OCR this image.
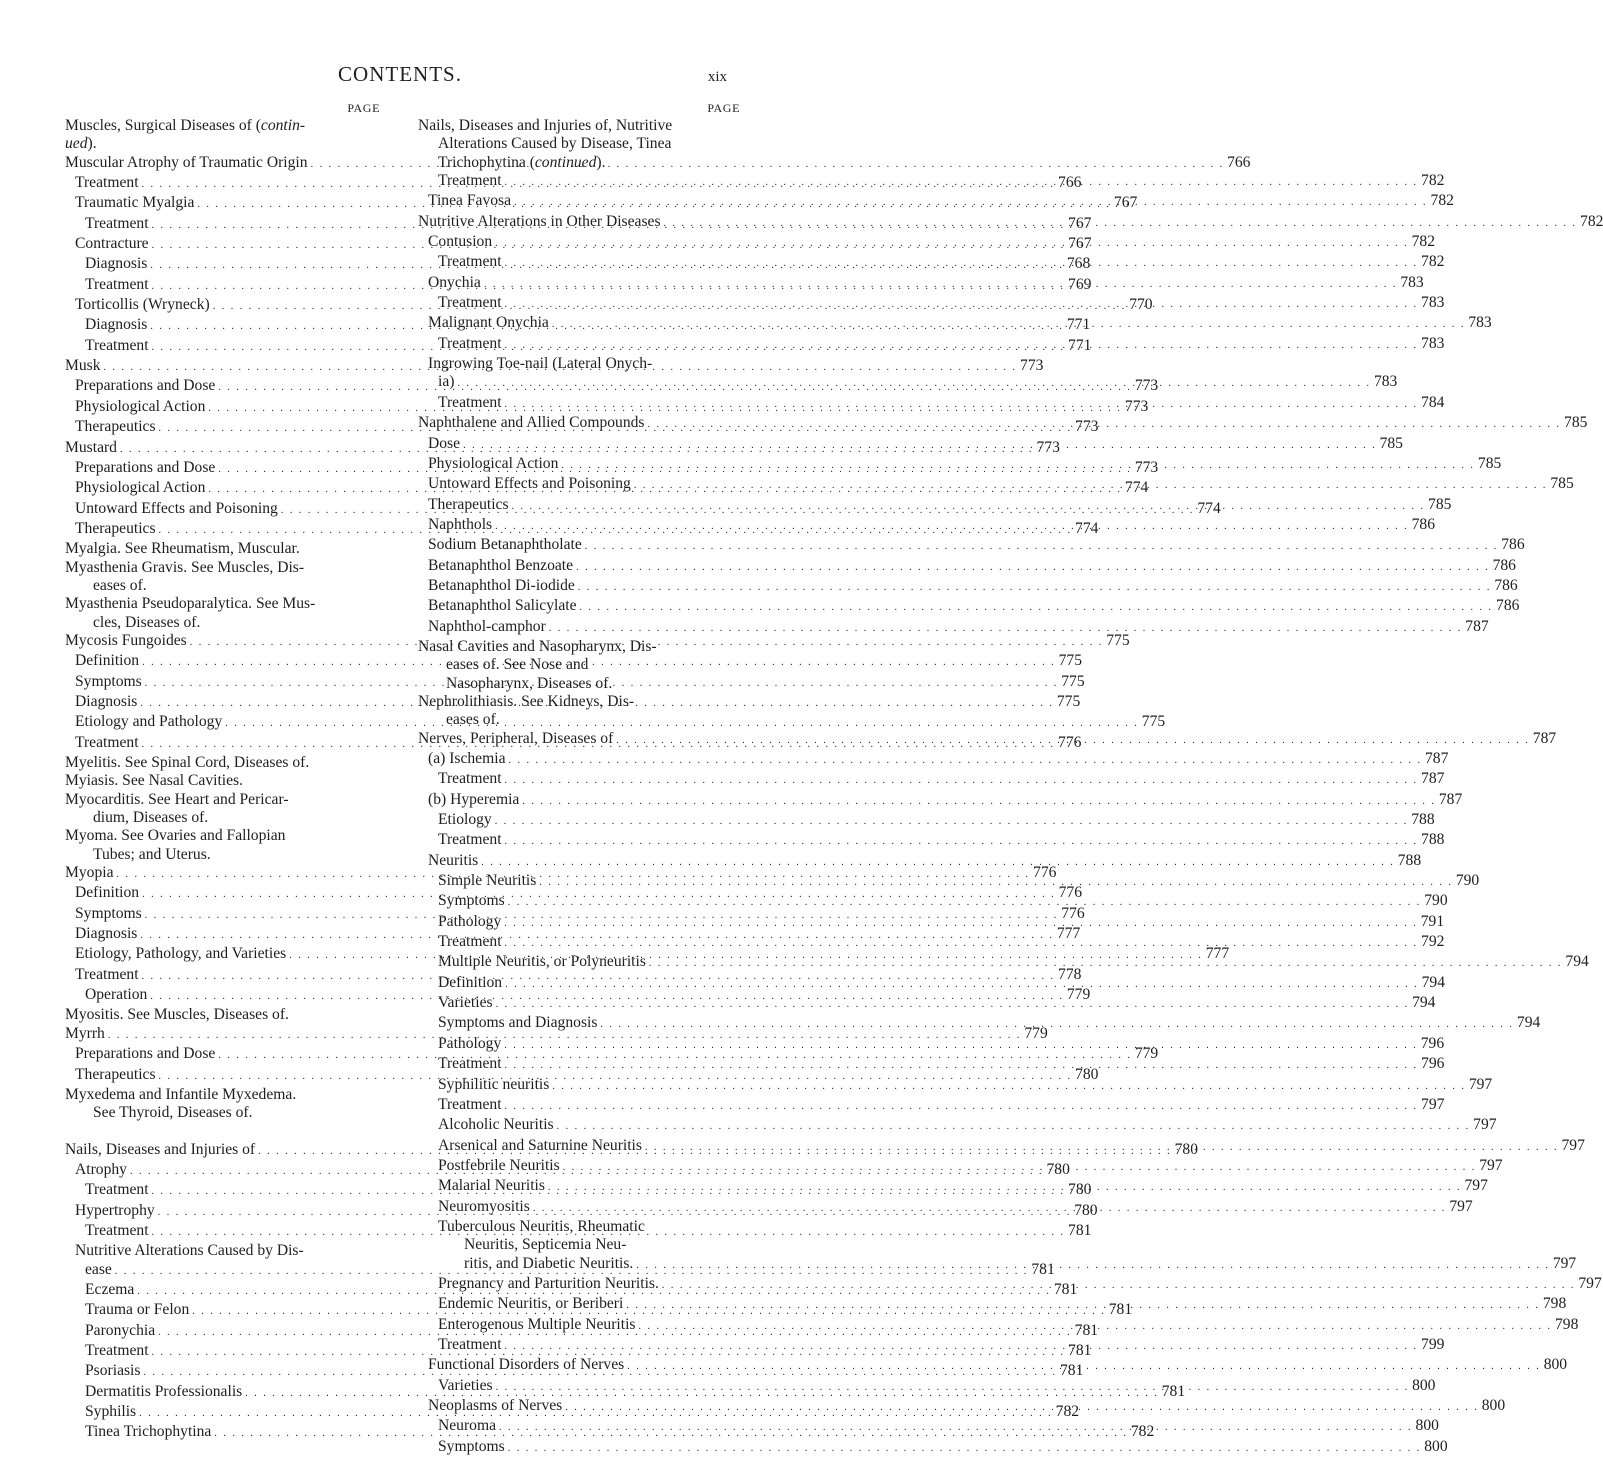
CONTENTS.	xix
PAGE
Muscles, Surgical Diseases of (contin-
ued).
Muscular Atrophy of Traumatic Origin . . .	766
Treatment . . .	766
Traumatic Myalgia . . .	767
Treatment . . .	767
Contracture . . .	767
Diagnosis . . .	768
Treatment . . .	769
Torticollis (Wryneck) . . .	770
Diagnosis . . .	771
Treatment . . .	771
Musk . . .	773
Preparations and Dose . . .	773
Physiological Action . . .	773
Therapeutics . . .	773
Mustard . . .	773
Preparations and Dose . . .	773
Physiological Action . . .	774
Untoward Effects and Poisoning . . .	774
Therapeutics . . .	774
Myalgia. See Rheumatism, Muscular.
Myasthenia Gravis. See Muscles, Dis-
eases of.
Myasthenia Pseudoparalytica. See Mus-
cles, Diseases of.
Mycosis Fungoides . . .	775
Definition . . .	775
Symptoms . . .	775
Diagnosis . . .	775
Etiology and Pathology . . .	775
Treatment . . .	776
Myelitis. See Spinal Cord, Diseases of.
Myiasis. See Nasal Cavities.
Myocarditis. See Heart and Pericar-
dium, Diseases of.
Myoma. See Ovaries and Fallopian
Tubes; and Uterus.
Myopia . . .	776
Definition . . .	776
Symptoms . . .	776
Diagnosis . . .	777
Etiology, Pathology, and Varieties . . .	777
Treatment . . .	778
Operation . . .	779
Myositis. See Muscles, Diseases of.
Myrrh . . .	779
Preparations and Dose . . .	779
Therapeutics . . .	780
Myxedema and Infantile Myxedema.
See Thyroid, Diseases of.
Nails, Diseases and Injuries of . . .	780
Atrophy . . .	780
Treatment . . .	780
Hypertrophy . . .	780
Treatment . . .	781
Nutritive Alterations Caused by Dis-
ease . . .	781
Eczema . . .	781
Trauma or Felon . . .	781
Paronychia . . .	781
Treatment . . .	781
Psoriasis . . .	781
Dermatitis Professionalis . . .	781
Syphilis . . .	782
Tinea Trichophytina . . .	782
PAGE
Nails, Diseases and Injuries of, Nutritive
Alterations Caused by Disease, Tinea
Trichophytina (continued).
Treatment . . .	782
Tinea Favosa . . .	782
Nutritive Alterations in Other Diseases . . .	782
Contusion . . .	782
Treatment . . .	782
Onychia . . .	783
Treatment . . .	783
Malignant Onychia . . .	783
Treatment . . .	783
Ingrowing Toe-nail (Lateral Onych-
ia) . . .	783
Treatment . . .	784
Naphthalene and Allied Compounds . . .	785
Dose . . .	785
Physiological Action . . .	785
Untoward Effects and Poisoning . . .	785
Therapeutics . . .	785
Naphthols . . .	786
Sodium Betanaphtholate . . .	786
Betanaphthol Benzoate . . .	786
Betanaphthol Di-iodide . . .	786
Betanaphthol Salicylate . . .	786
Naphthol-camphor . . .	787
Nasal Cavities and Nasopharynx, Dis-
eases of. See Nose and
Nasopharynx, Diseases of.
Nephrolithiasis. See Kidneys, Dis-
eases of.
Nerves, Peripheral, Diseases of . . .	787
(a) Ischemia . . .	787
Treatment . . .	787
(b) Hyperemia . . .	787
Etiology . . .	788
Treatment . . .	788
Neuritis . . .	788
Simple Neuritis . . .	790
Symptoms . . .	790
Pathology . . .	791
Treatment . . .	792
Multiple Neuritis, or Polyneuritis . . .	794
Definition . . .	794
Varieties . . .	794
Symptoms and Diagnosis . . .	794
Pathology . . .	796
Treatment . . .	796
Syphilitic neuritis . . .	797
Treatment . . .	797
Alcoholic Neuritis . . .	797
Arsenical and Saturnine Neuritis . . .	797
Postfebrile Neuritis . . .	797
Malarial Neuritis . . .	797
Neuromyositis . . .	797
Tuberculous Neuritis, Rheumatic
Neuritis, Septicemia Neu-
ritis, and Diabetic Neuritis. . . .	797
Pregnancy and Parturition Neuritis. . . .	797
Endemic Neuritis, or Beriberi . . .	798
Enterogenous Multiple Neuritis . . .	798
Treatment . . .	799
Functional Disorders of Nerves . . .	800
Varieties . . .	800
Neoplasms of Nerves . . .	800
Neuroma . . .	800
Symptoms . . .	800
